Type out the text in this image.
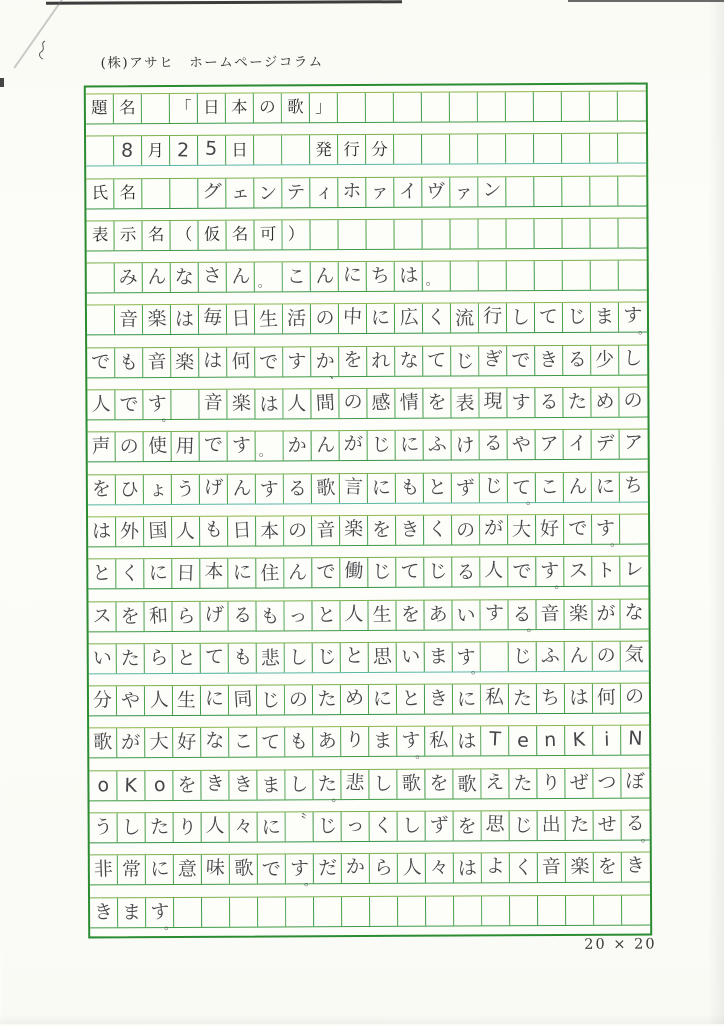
(株)アサヒ　ホームページコラム
題 名 「 日 本 の 歌 」
8 月 2 5 日	発 行 分
氏 名	グ ェ ン テ ィ ホ ァ イ ヴ ァ ン
表 示 名 （ 仮 名 可 ）
み ん な さ ん 。 こ ん に ち は 。
音 楽 は 毎 日 生 活 の 中 に 広 く 流 行 し て じ ま す
。
で も 音 楽 は 何 で す か
、
を れ な て じ ぎ で き る 少 し
人 で す
。
音 楽 は 人 間 の 感 情 を 表 現 す る た め の
声 の 使 用 で す 。 か ん が じ に ふ け る や ア イ デ ア
を ひ ょ う げ ん す る 歌 言 に も と ず じ て
。
こ ん に ち
は 外 国 人 も 日 本 の 音 楽 を き く の が 大 好 で す
。
と く に 日 本 に 住 ん で 働 じ て じ る 人 で す
。
ス ト レ
ス を 和 ら げ る も っ と 人 生 を あ い す る
。
音 楽 が な
い た ら と て も 悲 し じ と 思 い ま す
。
じ ふ ん の 気
分 や 人 生 に 同 じ の た め に と き に 私 た ち は 何 の
歌 が 大 好 な こ て も あ り ま す
。
私 は T e n K i N
o K o を き き ま し た
。
悲 し 歌 を 歌 え た り ぜ つ ぼ
う し た り 人 々 に 〝 じ っ く し ず を 思 じ 出 た せ る
。
非 常 に 意 味 歌 で す
。
だ か ら 人 々 は よ く 音 楽 を き
き ま す
。
20 × 20
